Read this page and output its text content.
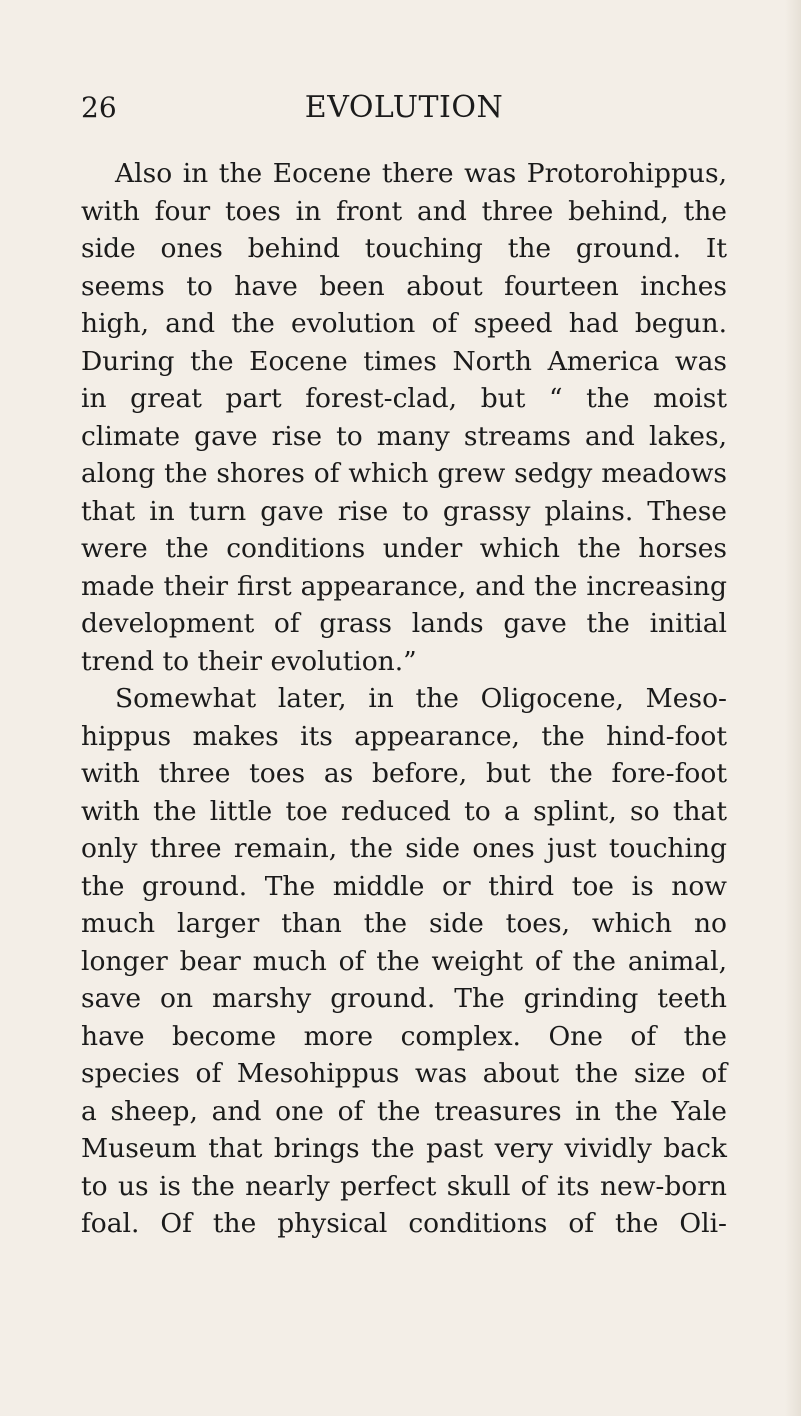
26	EVOLUTION
Also in the Eocene there was Protorohippus,
with four toes in front and three behind, the
side ones behind touching the ground. It
seems to have been about fourteen inches
high, and the evolution of speed had begun.
During the Eocene times North America was
in great part forest-clad, but “ the moist
climate gave rise to many streams and lakes,
along the shores of which grew sedgy meadows
that in turn gave rise to grassy plains. These
were the conditions under which the horses
made their first appearance, and the increasing
development of grass lands gave the initial
trend to their evolution.”
Somewhat later, in the Oligocene, Meso-
hippus makes its appearance, the hind-foot
with three toes as before, but the fore-foot
with the little toe reduced to a splint, so that
only three remain, the side ones just touching
the ground. The middle or third toe is now
much larger than the side toes, which no
longer bear much of the weight of the animal,
save on marshy ground. The grinding teeth
have become more complex. One of the
species of Mesohippus was about the size of
a sheep, and one of the treasures in the Yale
Museum that brings the past very vividly back
to us is the nearly perfect skull of its new-born
foal. Of the physical conditions of the Oli-
